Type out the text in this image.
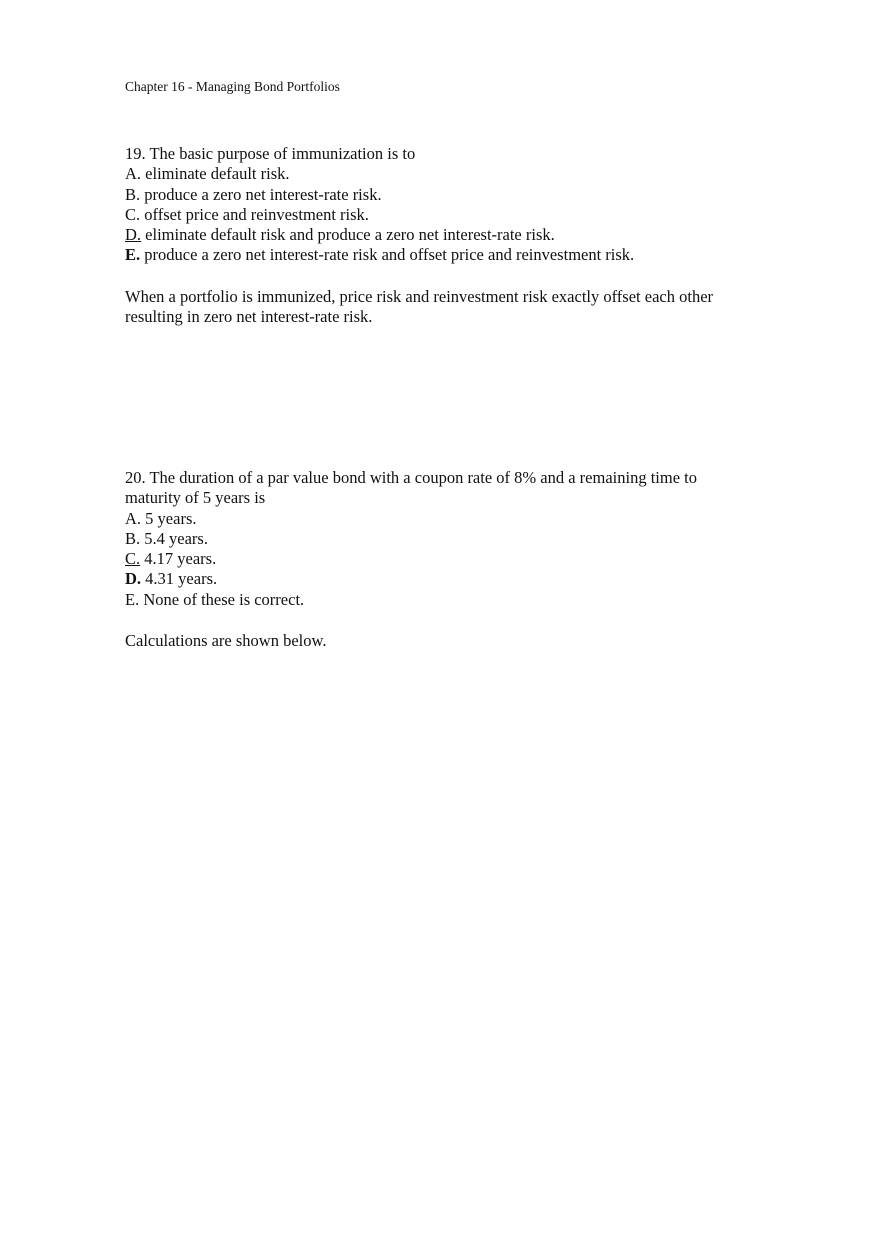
Chapter 16 - Managing Bond Portfolios
19. The basic purpose of immunization is to
A. eliminate default risk.
B. produce a zero net interest-rate risk.
C. offset price and reinvestment risk.
D. eliminate default risk and produce a zero net interest-rate risk.
E. produce a zero net interest-rate risk and offset price and reinvestment risk.
When a portfolio is immunized, price risk and reinvestment risk exactly offset each other
resulting in zero net interest-rate risk.
20. The duration of a par value bond with a coupon rate of 8% and a remaining time to
maturity of 5 years is
A. 5 years.
B. 5.4 years.
C. 4.17 years.
D. 4.31 years.
E. None of these is correct.
Calculations are shown below.
